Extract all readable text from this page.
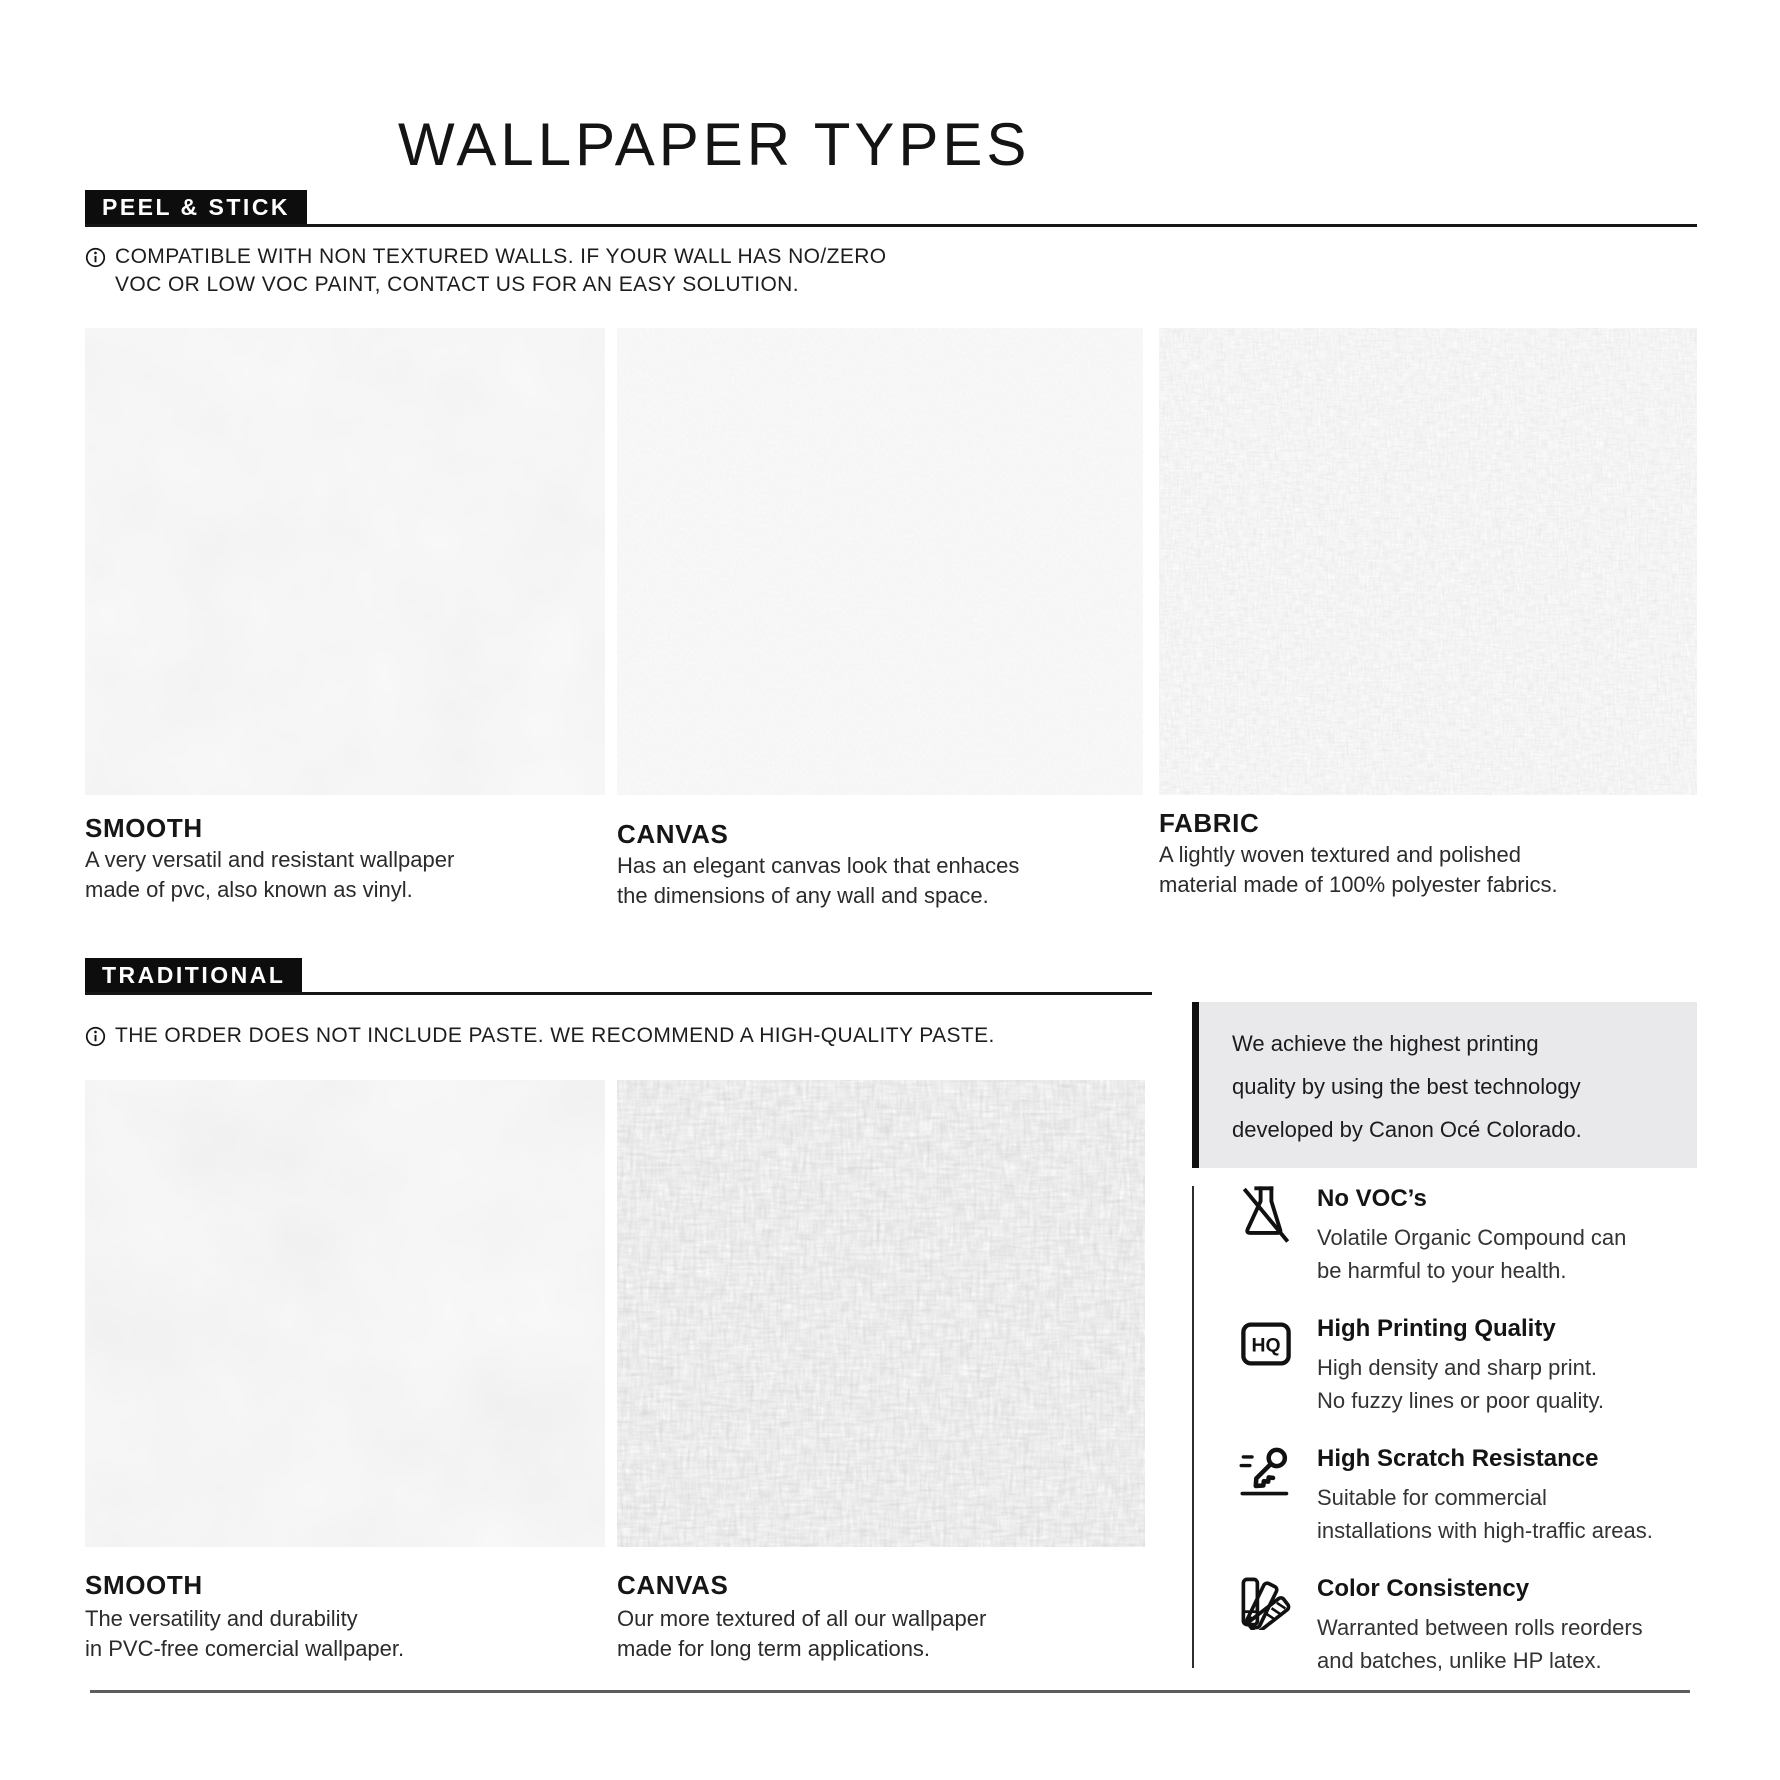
WALLPAPER TYPES
PEEL & STICK
COMPATIBLE WITH NON TEXTURED WALLS. IF YOUR WALL HAS NO/ZERO
VOC OR LOW VOC PAINT, CONTACT US FOR AN EASY SOLUTION.
SMOOTH
A very versatil and resistant wallpaper
made of pvc, also known as vinyl.
CANVAS
Has an elegant canvas look that enhaces
the dimensions of any wall and space.
FABRIC
A lightly woven textured and polished
material made of 100% polyester fabrics.
TRADITIONAL
THE ORDER DOES NOT INCLUDE PASTE. WE RECOMMEND A HIGH-QUALITY PASTE.
SMOOTH
The versatility and durability
in PVC-free comercial wallpaper.
CANVAS
Our more textured of all our wallpaper
made for long term applications.
We achieve the highest printing
quality by using the best technology
developed by Canon Océ Colorado.
No VOC’s
Volatile Organic Compound can
be harmful to your health.
HQ
High Printing Quality
High density and sharp print.
No fuzzy lines or poor quality.
High Scratch Resistance
Suitable for commercial
installations with high-traffic areas.
Color Consistency
Warranted between rolls reorders
and batches, unlike HP latex.
